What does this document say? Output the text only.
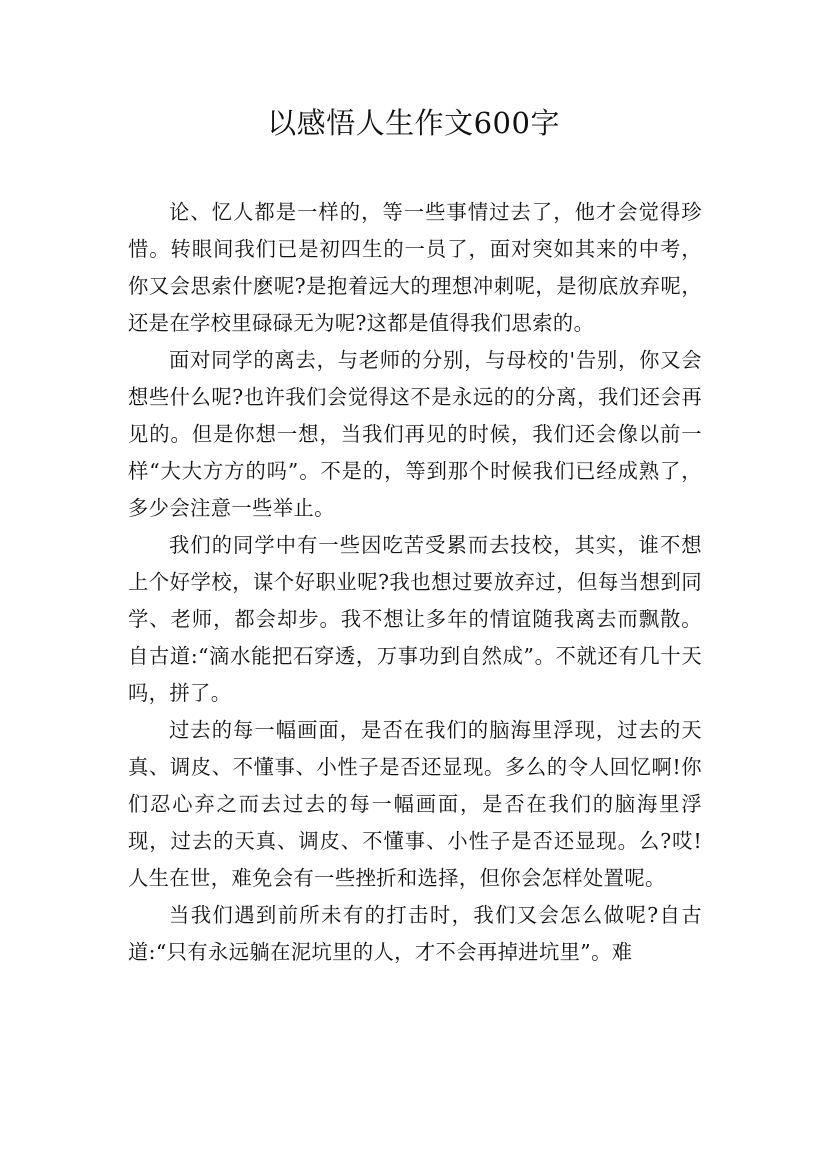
以感悟人生作文600字

论、忆人都是一样的，等一些事情过去了，他才会觉得珍惜。转眼间我们已是初四生的一员了，面对突如其来的中考，你又会思索什麽呢?是抱着远大的理想冲刺呢，是彻底放弃呢，还是在学校里碌碌无为呢?这都是值得我们思索的。

面对同学的离去，与老师的分别，与母校的'告别，你又会想些什么呢?也许我们会觉得这不是永远的的分离，我们还会再见的。但是你想一想，当我们再见的时候，我们还会像以前一样“大大方方的吗”。不是的，等到那个时候我们已经成熟了，多少会注意一些举止。

我们的同学中有一些因吃苦受累而去技校，其实，谁不想上个好学校，谋个好职业呢?我也想过要放弃过，但每当想到同学、老师，都会却步。我不想让多年的情谊随我离去而飘散。自古道:“滴水能把石穿透，万事功到自然成”。不就还有几十天吗，拼了。

过去的每一幅画面，是否在我们的脑海里浮现，过去的天真、调皮、不懂事、小性子是否还显现。多么的令人回忆啊!你们忍心弃之而去过去的每一幅画面，是否在我们的脑海里浮现，过去的天真、调皮、不懂事、小性子是否还显现。么?哎!人生在世，难免会有一些挫折和选择，但你会怎样处置呢。

当我们遇到前所未有的打击时，我们又会怎么做呢?自古道:“只有永远躺在泥坑里的人，才不会再掉进坑里”。难
